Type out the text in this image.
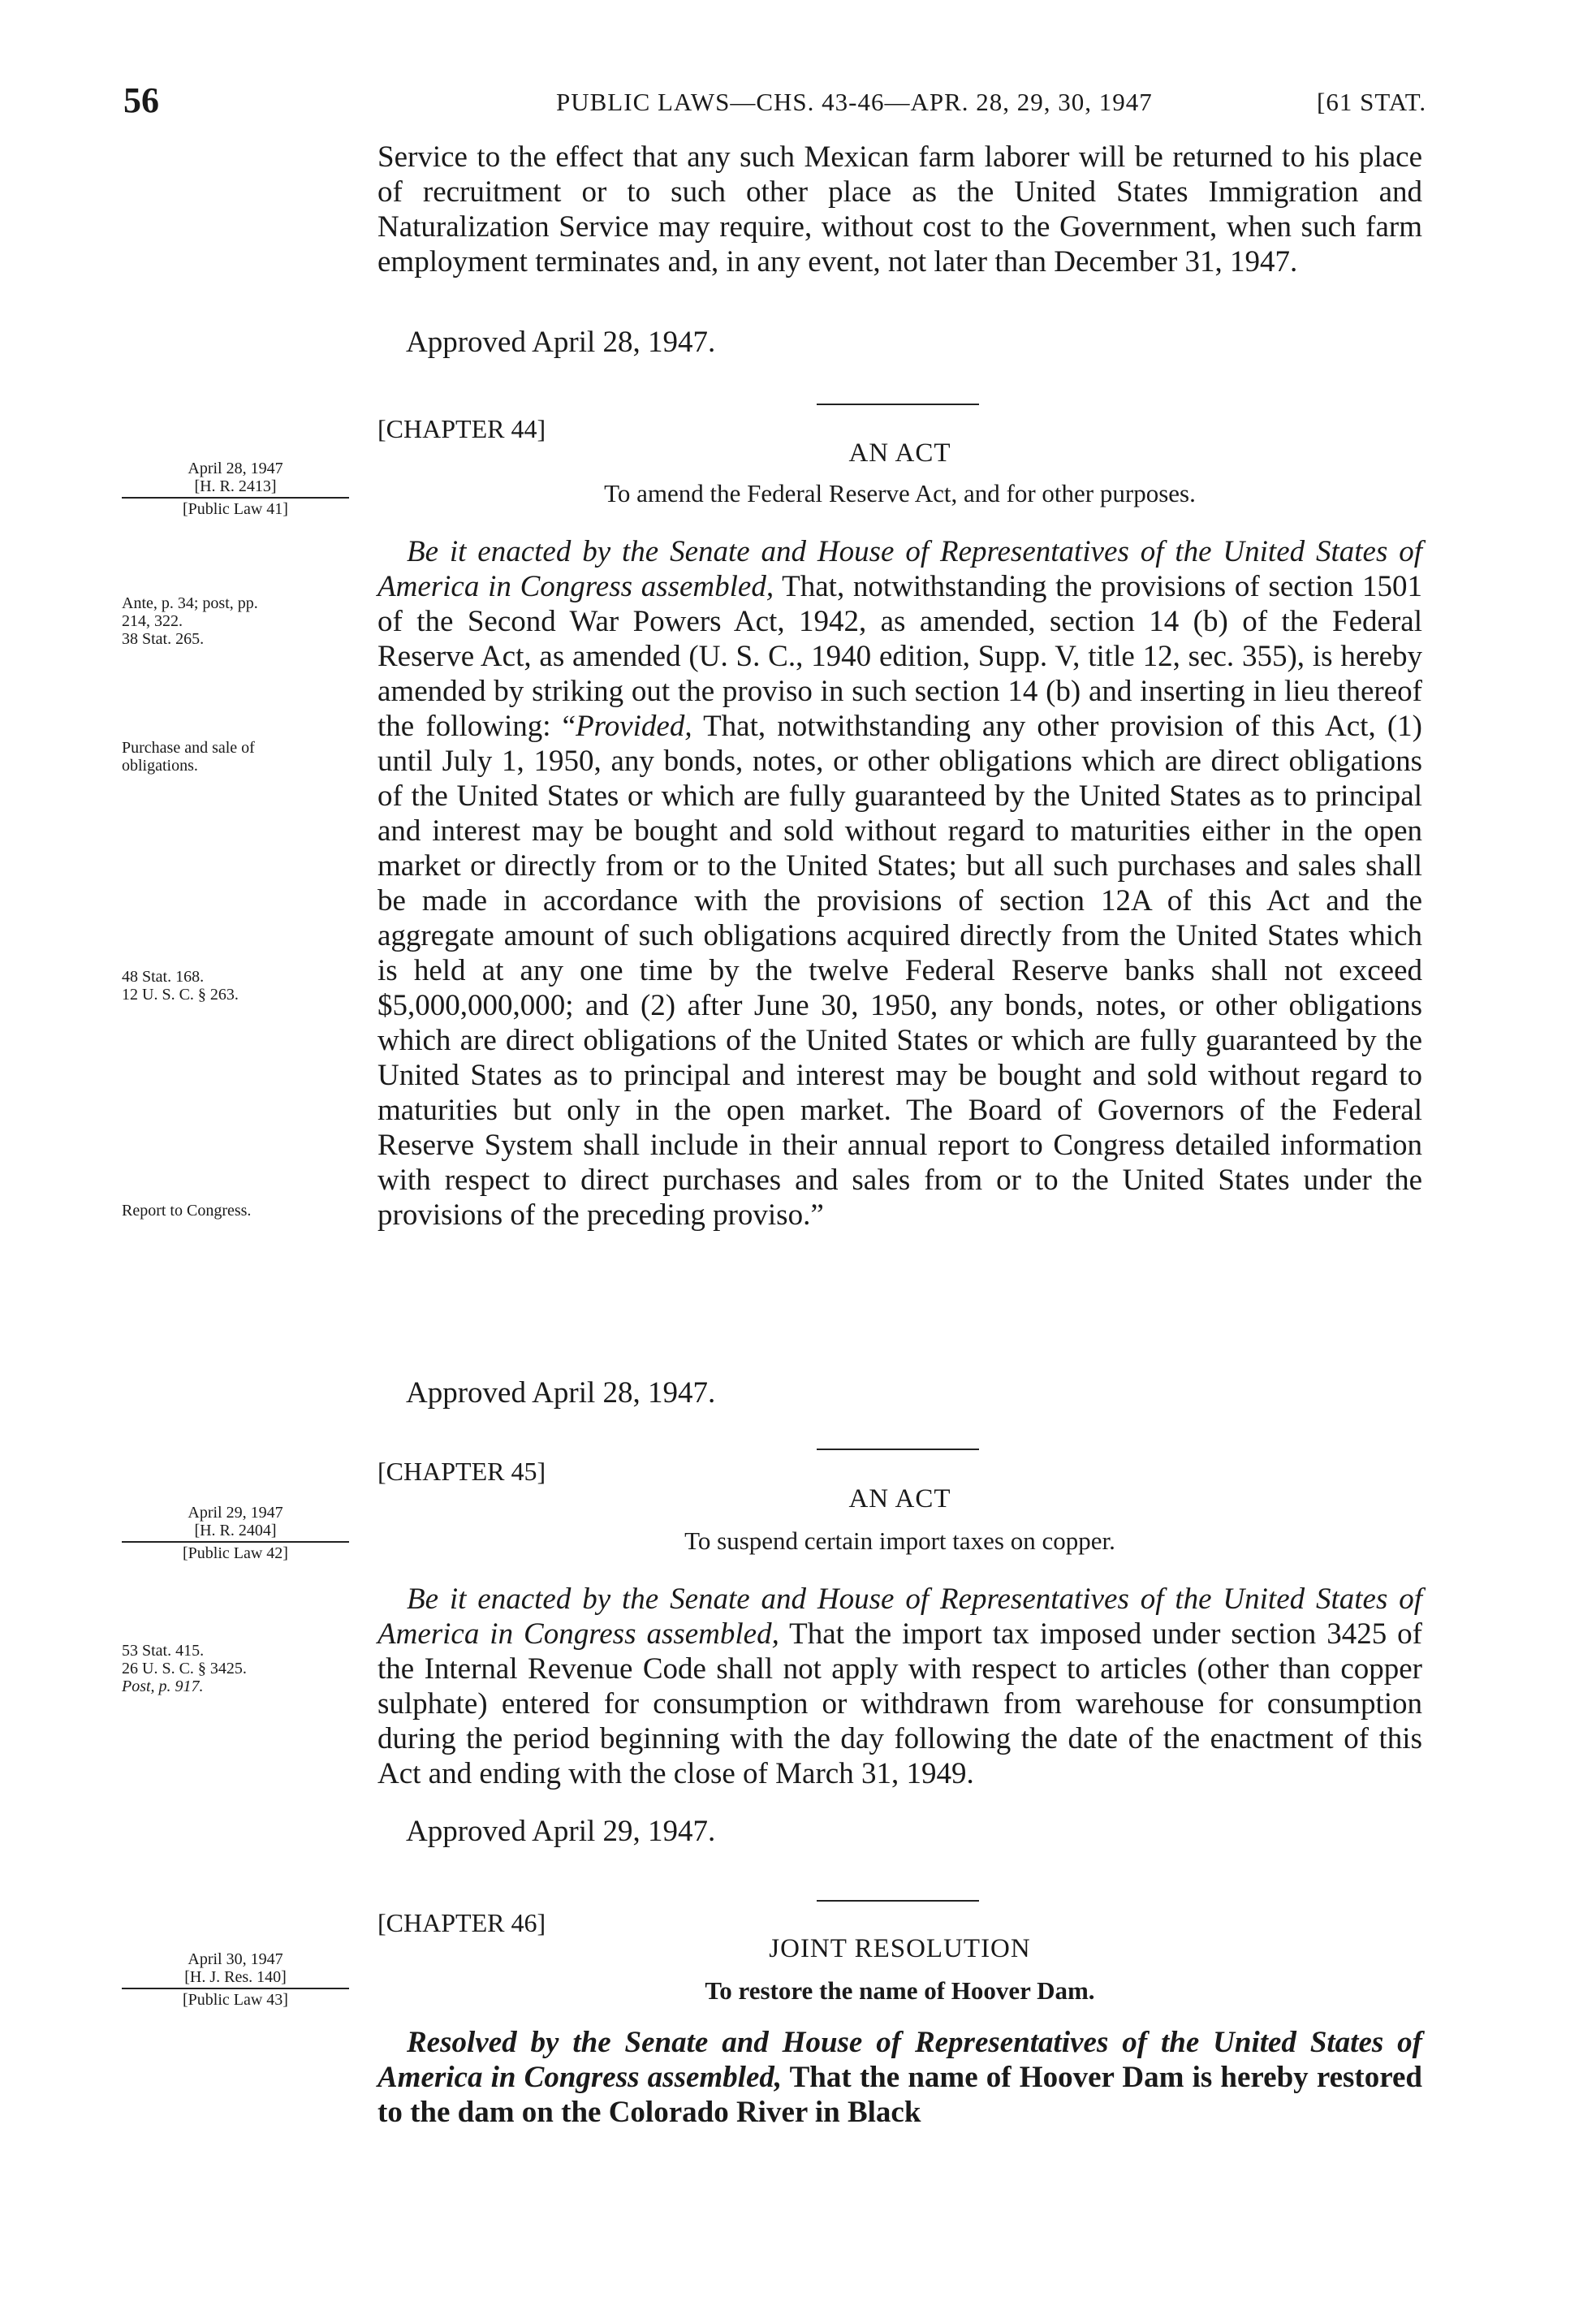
56	PUBLIC LAWS—CHS. 43-46—APR. 28, 29, 30, 1947	[61 STAT.
Service to the effect that any such Mexican farm laborer will be returned to his place of recruitment or to such other place as the United States Immigration and Naturalization Service may require, without cost to the Government, when such farm employment terminates and, in any event, not later than December 31, 1947.
Approved April 28, 1947.
[CHAPTER 44]
AN ACT
To amend the Federal Reserve Act, and for other purposes.
April 28, 1947
[H. R. 2413]
[Public Law 41]
Ante, p. 34; post, pp.
214, 322.
38 Stat. 265.
Purchase and sale of
obligations.
48 Stat. 168.
12 U. S. C. § 263.
Report to Congress.
Be it enacted by the Senate and House of Representatives of the United States of America in Congress assembled, That, notwithstanding the provisions of section 1501 of the Second War Powers Act, 1942, as amended, section 14 (b) of the Federal Reserve Act, as amended (U. S. C., 1940 edition, Supp. V, title 12, sec. 355), is hereby amended by striking out the proviso in such section 14 (b) and inserting in lieu thereof the following: “Provided, That, notwithstanding any other provision of this Act, (1) until July 1, 1950, any bonds, notes, or other obligations which are direct obligations of the United States or which are fully guaranteed by the United States as to principal and interest may be bought and sold without regard to maturities either in the open market or directly from or to the United States; but all such purchases and sales shall be made in accordance with the provisions of section 12A of this Act and the aggregate amount of such obligations acquired directly from the United States which is held at any one time by the twelve Federal Reserve banks shall not exceed $5,000,000,000; and (2) after June 30, 1950, any bonds, notes, or other obligations which are direct obligations of the United States or which are fully guaranteed by the United States as to principal and interest may be bought and sold without regard to maturities but only in the open market. The Board of Governors of the Federal Reserve System shall include in their annual report to Congress detailed information with respect to direct purchases and sales from or to the United States under the provisions of the preceding proviso.”
Approved April 28, 1947.
[CHAPTER 45]
AN ACT
To suspend certain import taxes on copper.
April 29, 1947
[H. R. 2404]
[Public Law 42]
53 Stat. 415.
26 U. S. C. § 3425.
Post, p. 917.
Be it enacted by the Senate and House of Representatives of the United States of America in Congress assembled, That the import tax imposed under section 3425 of the Internal Revenue Code shall not apply with respect to articles (other than copper sulphate) entered for consumption or withdrawn from warehouse for consumption during the period beginning with the day following the date of the enactment of this Act and ending with the close of March 31, 1949.
Approved April 29, 1947.
[CHAPTER 46]
JOINT RESOLUTION
To restore the name of Hoover Dam.
April 30, 1947
[H. J. Res. 140]
[Public Law 43]
Resolved by the Senate and House of Representatives of the United States of America in Congress assembled, That the name of Hoover Dam is hereby restored to the dam on the Colorado River in Black
